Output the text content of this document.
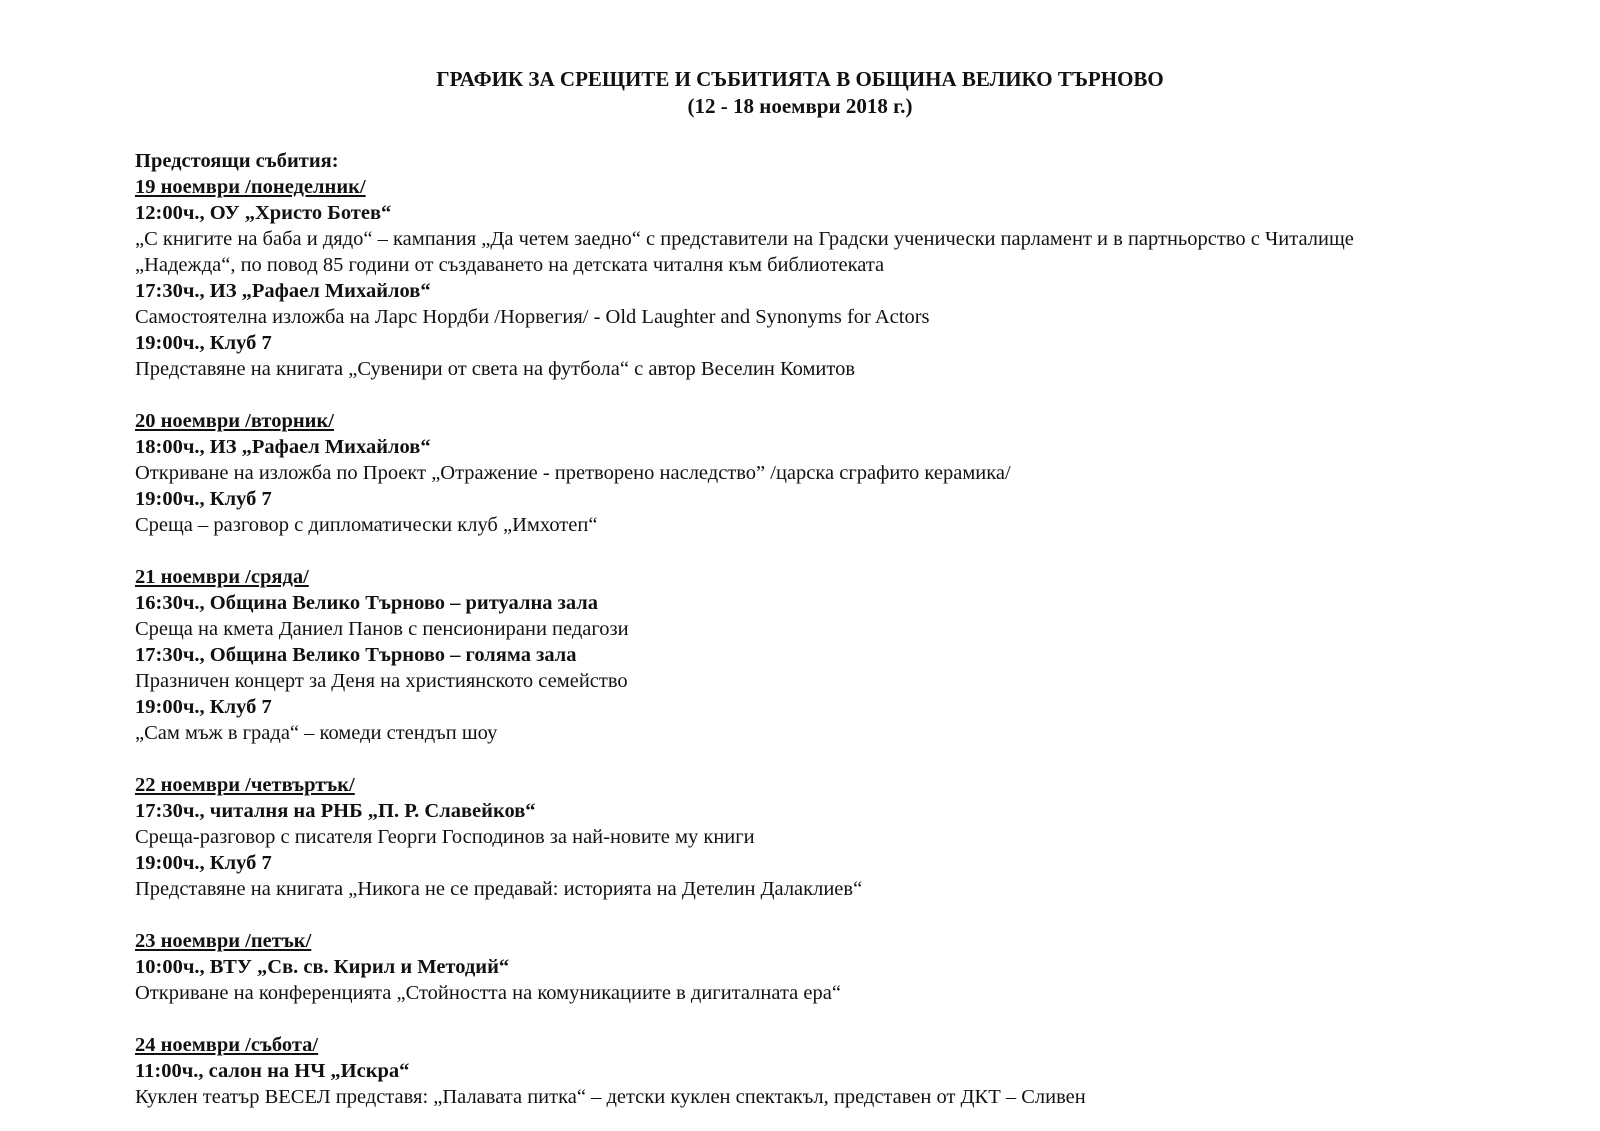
ГРАФИК ЗА СРЕЩИТЕ И СЪБИТИЯТА В ОБЩИНА ВЕЛИКО ТЪРНОВО

(12 - 18 ноември 2018 г.)

Предстоящи събития:

19 ноември /понеделник/

12:00ч., ОУ „Христо Ботев“

„С книгите на баба и дядо“ – кампания „Да четем заедно“ с представители на Градски ученически парламент и в партньорство с Читалище

„Надежда“, по повод 85 години от създаването на детската читалня към библиотеката

17:30ч., ИЗ „Рафаел Михайлов“

Самостоятелна изложба на Ларс Нордби /Норвегия/ - Old Laughter and Synonyms for Actors

19:00ч., Клуб 7

Представяне на книгата „Сувенири от света на футбола“ с автор Веселин Комитов

20 ноември /вторник/

18:00ч., ИЗ „Рафаел Михайлов“

Откриване на изложба по Проект „Отражение - претворено наследство” /царска сграфито керамика/

19:00ч., Клуб 7

Среща – разговор с дипломатически клуб „Имхотеп“

21 ноември /сряда/

16:30ч., Община Велико Търново – ритуална зала

Среща на кмета Даниел Панов с пенсионирани педагози

17:30ч., Община Велико Търново – голяма зала

Празничен концерт за Деня на християнското семейство

19:00ч., Клуб 7

„Сам мъж в града“ – комеди стендъп шоу

22 ноември /четвъртък/

17:30ч., читалня на РНБ „П. Р. Славейков“

Среща-разговор с писателя Георги Господинов за най-новите му книги

19:00ч., Клуб 7

Представяне на книгата „Никога не се предавай: историята на Детелин Далаклиев“

23 ноември /петък/

10:00ч., ВТУ „Св. св. Кирил и Методий“

Откриване на конференцията „Стойността на комуникациите в дигиталната ера“

24 ноември /събота/

11:00ч., салон на НЧ „Искра“

Куклен театър ВЕСЕЛ представя: „Палавата питка“ – детски куклен спектакъл, представен от ДКТ – Сливен
